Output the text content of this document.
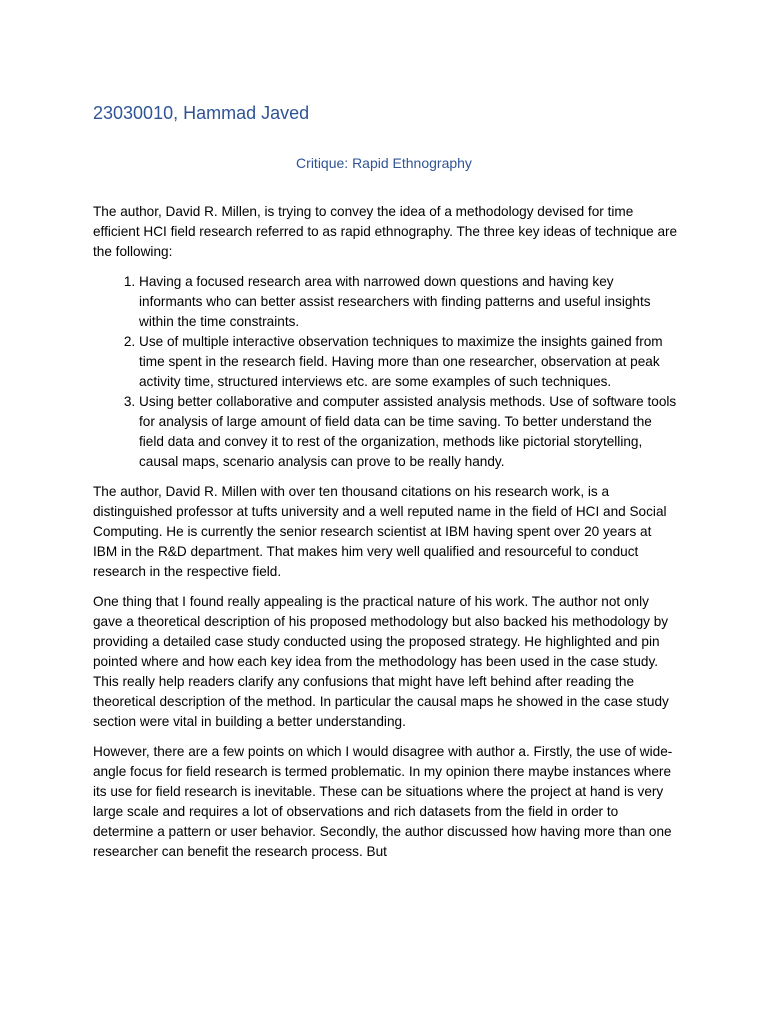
23030010, Hammad Javed
Critique: Rapid Ethnography

The author, David R. Millen, is trying to convey the idea of a methodology devised for time efficient HCI field research referred to as rapid ethnography. The three key ideas of technique are the following:

1. Having a focused research area with narrowed down questions and having key informants who can better assist researchers with finding patterns and useful insights within the time constraints.
2. Use of multiple interactive observation techniques to maximize the insights gained from time spent in the research field. Having more than one researcher, observation at peak activity time, structured interviews etc. are some examples of such techniques.
3. Using better collaborative and computer assisted analysis methods. Use of software tools for analysis of large amount of field data can be time saving. To better understand the field data and convey it to rest of the organization, methods like pictorial storytelling, causal maps, scenario analysis can prove to be really handy.

The author, David R. Millen with over ten thousand citations on his research work, is a distinguished professor at tufts university and a well reputed name in the field of HCI and Social Computing. He is currently the senior research scientist at IBM having spent over 20 years at IBM in the R&D department. That makes him very well qualified and resourceful to conduct research in the respective field.

One thing that I found really appealing is the practical nature of his work. The author not only gave a theoretical description of his proposed methodology but also backed his methodology by providing a detailed case study conducted using the proposed strategy. He highlighted and pin pointed where and how each key idea from the methodology has been used in the case study. This really help readers clarify any confusions that might have left behind after reading the theoretical description of the method. In particular the causal maps he showed in the case study section were vital in building a better understanding.

However, there are a few points on which I would disagree with author a. Firstly, the use of wide-angle focus for field research is termed problematic. In my opinion there maybe instances where its use for field research is inevitable. These can be situations where the project at hand is very large scale and requires a lot of observations and rich datasets from the field in order to determine a pattern or user behavior. Secondly, the author discussed how having more than one researcher can benefit the research process. But
